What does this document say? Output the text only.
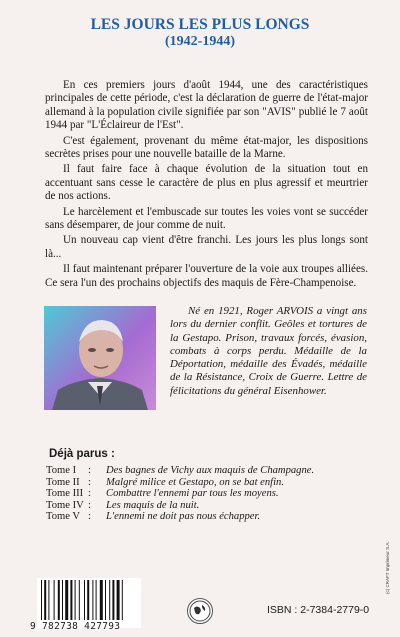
LES JOURS LES PLUS LONGS
(1942-1944)

En ces premiers jours d'août 1944, une des caractéristiques principales de cette période, c'est la déclaration de guerre de l'état-major allemand à la population civile signifiée par son "AVIS" publié le 7 août 1944 par "L'Éclaireur de l'Est".

C'est également, provenant du même état-major, les dispositions secrètes prises pour une nouvelle bataille de la Marne.

Il faut faire face à chaque évolution de la situation tout en accentuant sans cesse le caractère de plus en plus agressif et meurtrier de nos actions.

Le harcèlement et l'embuscade sur toutes les voies vont se succéder sans désemparer, de jour comme de nuit.

Un nouveau cap vient d'être franchi. Les jours les plus longs sont là...

Il faut maintenant préparer l'ouverture de la voie aux troupes alliées. Ce sera l'un des prochains objectifs des maquis de Fère-Champenoise.

Né en 1921, Roger ARVOIS a vingt ans lors du dernier conflit. Geôles et tortures de la Gestapo. Prison, travaux forcés, évasion, combats à corps perdu. Médaille de la Déportation, médaille des Évadés, médaille de la Résistance, Croix de Guerre. Lettre de félicitations du général Eisenhower.

Déjà parus :
Tome I : Des bagnes de Vichy aux maquis de Champagne.
Tome II : Malgré milice et Gestapo, on se bat enfin.
Tome III : Combattre l'ennemi par tous les moyens.
Tome IV : Les maquis de la nuit.
Tome V : L'ennemi ne doit pas nous échapper.
9 782738 427793
ISBN : 2-7384-2779-0
(c) CRAFT Imprimeur S.A.
